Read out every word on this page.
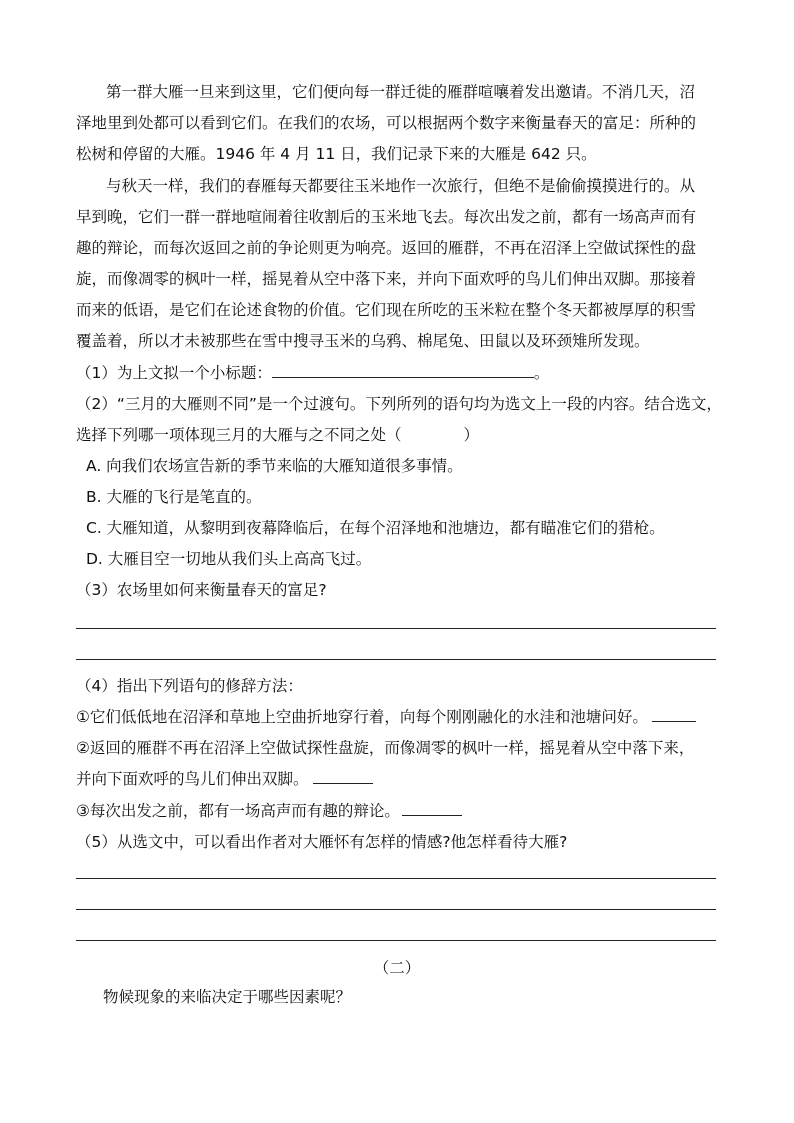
第一群大雁一旦来到这里，它们便向每一群迁徙的雁群喧嚷着发出邀请。不消几天，沼
泽地里到处都可以看到它们。在我们的农场，可以根据两个数字来衡量春天的富足：所种的
松树和停留的大雁。1946 年 4 月 11 日，我们记录下来的大雁是 642 只。
与秋天一样，我们的春雁每天都要往玉米地作一次旅行，但绝不是偷偷摸摸进行的。从
早到晚，它们一群一群地喧闹着往收割后的玉米地飞去。每次出发之前，都有一场高声而有
趣的辩论，而每次返回之前的争论则更为响亮。返回的雁群，不再在沼泽上空做试探性的盘
旋，而像凋零的枫叶一样，摇晃着从空中落下来，并向下面欢呼的鸟儿们伸出双脚。那接着
而来的低语，是它们在论述食物的价值。它们现在所吃的玉米粒在整个冬天都被厚厚的积雪
覆盖着，所以才未被那些在雪中搜寻玉米的乌鸦、棉尾兔、田鼠以及环颈雉所发现。
（1）为上文拟一个小标题：	。
（2）“三月的大雁则不同”是一个过渡句。下列所列的语句均为选文上一段的内容。结合选文，
选择下列哪一项体现三月的大雁与之不同之处（	）
A. 向我们农场宣告新的季节来临的大雁知道很多事情。
B. 大雁的飞行是笔直的。
C. 大雁知道，从黎明到夜幕降临后，在每个沼泽地和池塘边，都有瞄准它们的猎枪。
D. 大雁目空一切地从我们头上高高飞过。
（3）农场里如何来衡量春天的富足?
（4）指出下列语句的修辞方法：
①它们低低地在沼泽和草地上空曲折地穿行着，向每个刚刚融化的水洼和池塘问好。
②返回的雁群不再在沼泽上空做试探性盘旋，而像凋零的枫叶一样，摇晃着从空中落下来，
并向下面欢呼的鸟儿们伸出双脚。
③每次出发之前，都有一场高声而有趣的辩论。
（5）从选文中，可以看出作者对大雁怀有怎样的情感?他怎样看待大雁?
（二）
物候现象的来临决定于哪些因素呢？
